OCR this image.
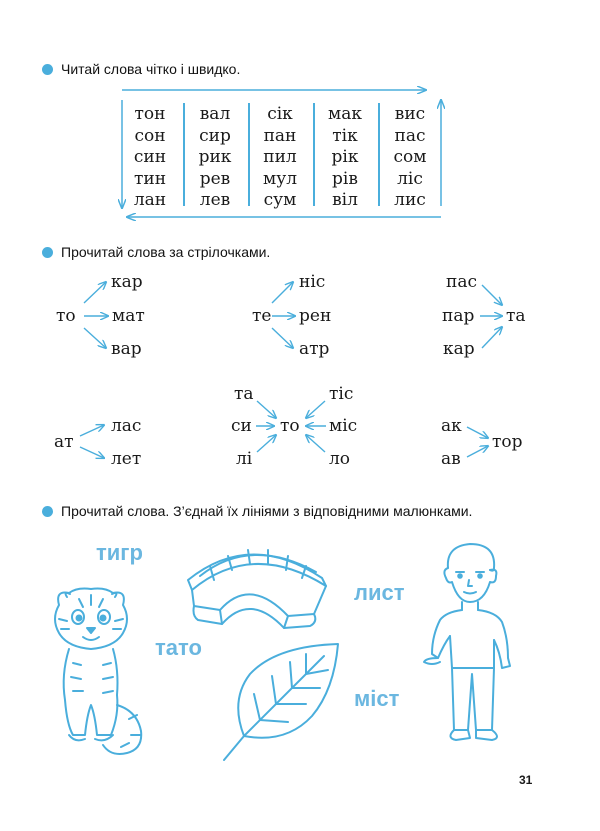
Читай слова чітко і швидко.
тон
сон
син
тин
лан
вал
сир
рик
рев
лев
сік
пан
пил
мул
сум
мак
тік
рік
рів
віл
вис
пас
сом
ліс
лис
Прочитай слова за стрілочками.
то
кар
мат
вар
те
ніс
рен
атр
пас
пар
кар
та
ат
лас
лет
то
та
си
лі
тіс
міс
ло
ак
ав
тор
Прочитай слова. З’єднай їх лініями з відповідними малюнками.
тигр
тато
лист
міст
31
